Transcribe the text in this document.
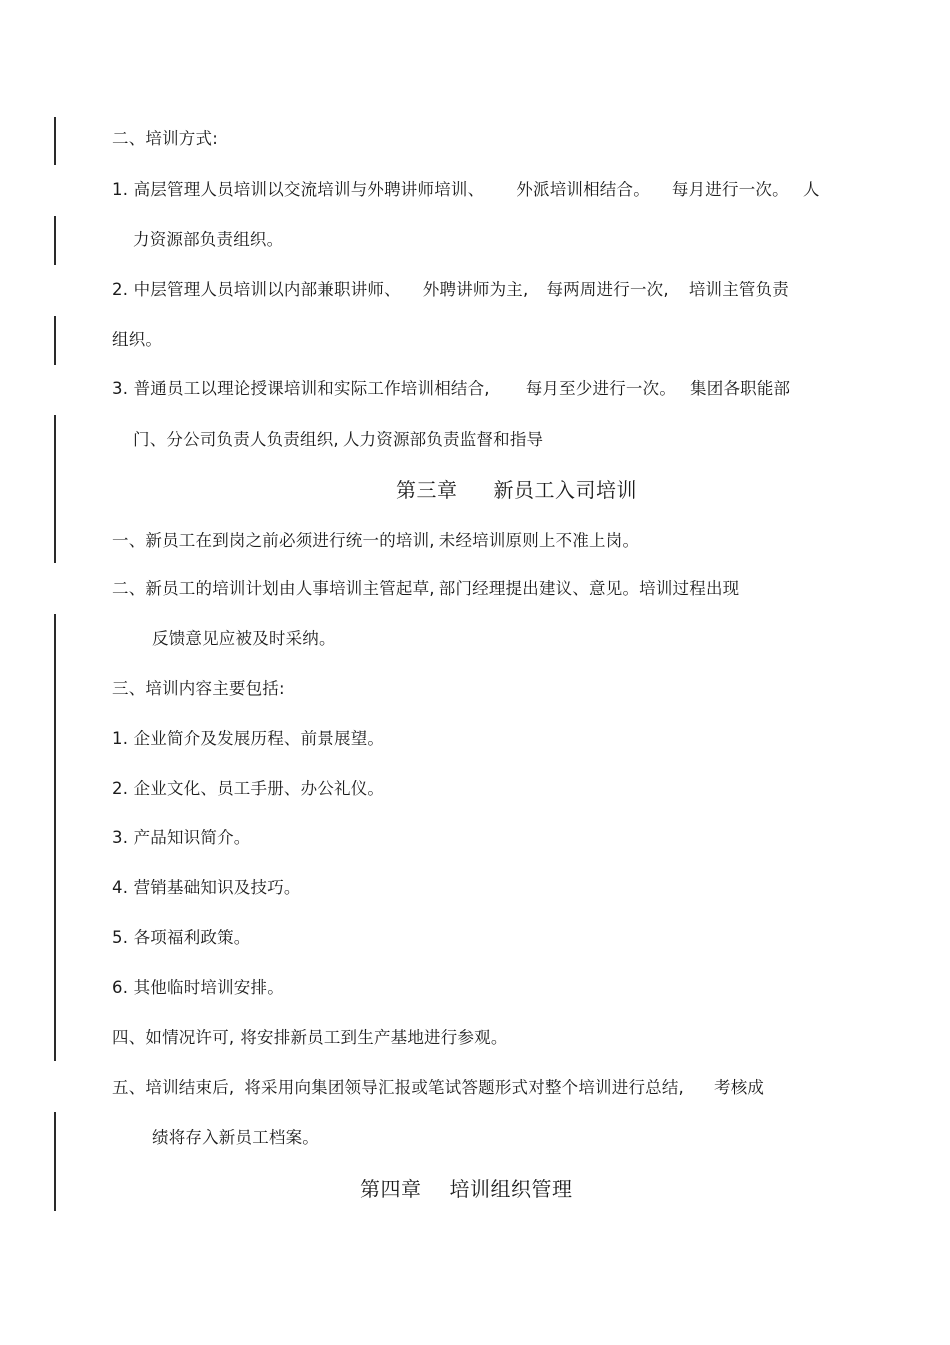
二、培训方式:
1. 高层管理人员培训以交流培训与外聘讲师培训、 外派培训相结合。 每月进行一次。 人
力资源部负责组织。
2. 中层管理人员培训以内部兼职讲师、 外聘讲师为主, 每两周进行一次, 培训主管负责
组织。
3. 普通员工以理论授课培训和实际工作培训相结合, 每月至少进行一次。 集团各职能部
门、分公司负责人负责组织, 人力资源部负责监督和指导
第三章 新员工入司培训
一、新员工在到岗之前必须进行统一的培训, 未经培训原则上不准上岗。
二、新员工的培训计划由人事培训主管起草, 部门经理提出建议、意见。培训过程出现
反馈意见应被及时采纳。
三、培训内容主要包括:
1. 企业简介及发展历程、前景展望。
2. 企业文化、员工手册、办公礼仪。
3. 产品知识简介。
4. 营销基础知识及技巧。
5. 各项福利政策。
6. 其他临时培训安排。
四、如情况许可, 将安排新员工到生产基地进行参观。
五、培训结束后, 将采用向集团领导汇报或笔试答题形式对整个培训进行总结, 考核成
绩将存入新员工档案。
第四章 培训组织管理
